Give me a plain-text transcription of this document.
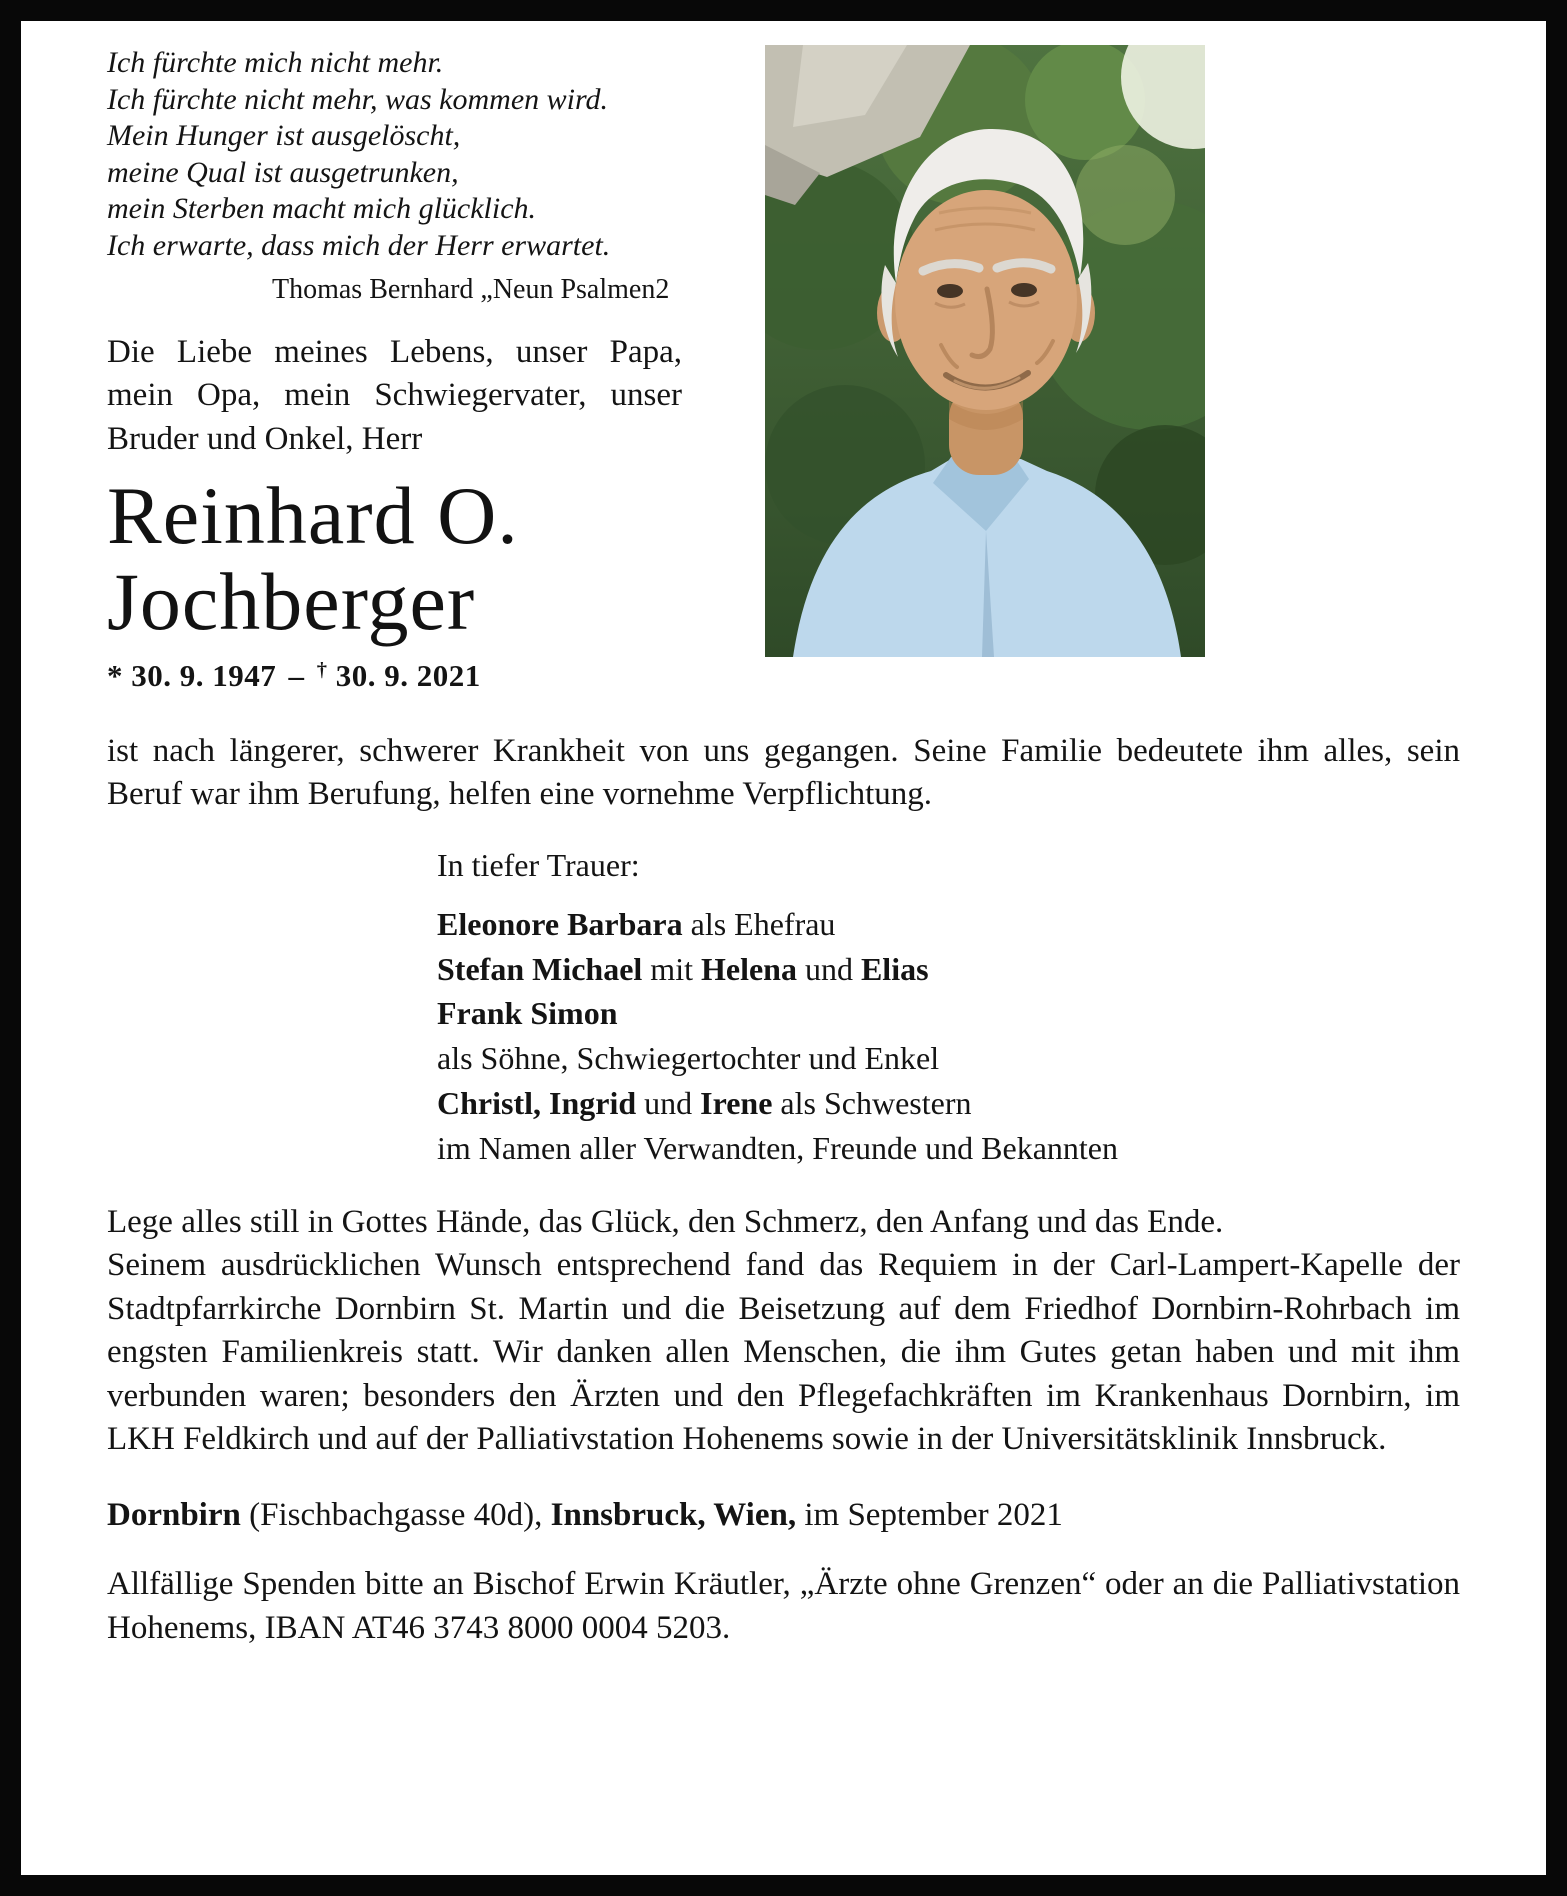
Ich fürchte mich nicht mehr.
Ich fürchte nicht mehr, was kommen wird.
Mein Hunger ist ausgelöscht,
meine Qual ist ausgetrunken,
mein Sterben macht mich glücklich.
Ich erwarte, dass mich der Herr erwartet.
Thomas Bernhard „Neun Psalmen2

Die Liebe meines Lebens, unser Papa, mein Opa, mein Schwiegervater, unser Bruder und Onkel, Herr

Reinhard O.
Jochberger
* 30. 9. 1947 – † 30. 9. 2021

ist nach längerer, schwerer Krankheit von uns gegangen. Seine Familie bedeutete ihm alles, sein Beruf war ihm Berufung, helfen eine vornehme Verpflichtung.

In tiefer Trauer:
Eleonore Barbara als Ehefrau
Stefan Michael mit Helena und Elias
Frank Simon
als Söhne, Schwiegertochter und Enkel
Christl, Ingrid und Irene als Schwestern
im Namen aller Verwandten, Freunde und Bekannten

Lege alles still in Gottes Hände, das Glück, den Schmerz, den Anfang und das Ende.

Seinem ausdrücklichen Wunsch entsprechend fand das Requiem in der Carl-Lampert-Kapelle der Stadtpfarrkirche Dornbirn St. Martin und die Beisetzung auf dem Friedhof Dornbirn-Rohrbach im engsten Familienkreis statt. Wir danken allen Menschen, die ihm Gutes getan haben und mit ihm verbunden waren; besonders den Ärzten und den Pflegefachkräften im Krankenhaus Dornbirn, im LKH Feldkirch und auf der Palliativstation Hohenems sowie in der Universitätsklinik Innsbruck.

Dornbirn (Fischbachgasse 40d), Innsbruck, Wien, im September 2021

Allfällige Spenden bitte an Bischof Erwin Kräutler, „Ärzte ohne Grenzen“ oder an die Palliativstation Hohenems, IBAN AT46 3743 8000 0004 5203.
